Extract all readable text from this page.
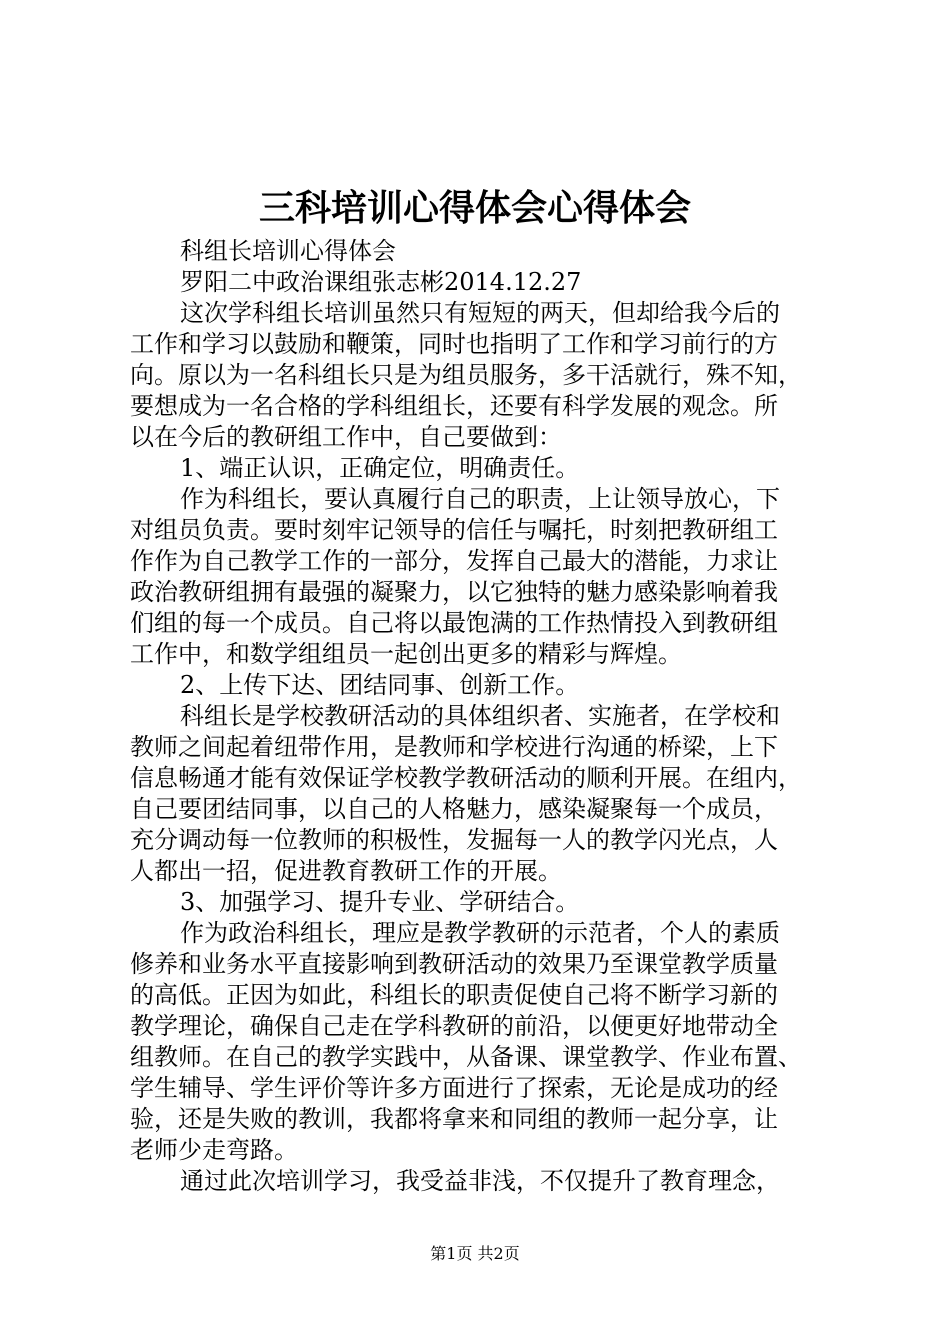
三科培训心得体会心得体会

科组长培训心得体会

罗阳二中政治课组张志彬2014.12.27

这次学科组长培训虽然只有短短的两天，但却给我今后的

工作和学习以鼓励和鞭策，同时也指明了工作和学习前行的方

向。原以为一名科组长只是为组员服务，多干活就行，殊不知，

要想成为一名合格的学科组组长，还要有科学发展的观念。所

以在今后的教研组工作中，自己要做到：

1、端正认识，正确定位，明确责任。

作为科组长，要认真履行自己的职责，上让领导放心，下

对组员负责。要时刻牢记领导的信任与嘱托，时刻把教研组工

作作为自己教学工作的一部分，发挥自己最大的潜能，力求让

政治教研组拥有最强的凝聚力，以它独特的魅力感染影响着我

们组的每一个成员。自己将以最饱满的工作热情投入到教研组

工作中，和数学组组员一起创出更多的精彩与辉煌。

2、上传下达、团结同事、创新工作。

科组长是学校教研活动的具体组织者、实施者，在学校和

教师之间起着纽带作用，是教师和学校进行沟通的桥梁，上下

信息畅通才能有效保证学校教学教研活动的顺利开展。在组内，

自己要团结同事，以自己的人格魅力，感染凝聚每一个成员，

充分调动每一位教师的积极性，发掘每一人的教学闪光点，人

人都出一招，促进教育教研工作的开展。

3、加强学习、提升专业、学研结合。

作为政治科组长，理应是教学教研的示范者，个人的素质

修养和业务水平直接影响到教研活动的效果乃至课堂教学质量

的高低。正因为如此，科组长的职责促使自己将不断学习新的

教学理论，确保自己走在学科教研的前沿，以便更好地带动全

组教师。在自己的教学实践中，从备课、课堂教学、作业布置、

学生辅导、学生评价等许多方面进行了探索，无论是成功的经

验，还是失败的教训，我都将拿来和同组的教师一起分享，让

老师少走弯路。

通过此次培训学习，我受益非浅，不仅提升了教育理念，

第1页 共2页
